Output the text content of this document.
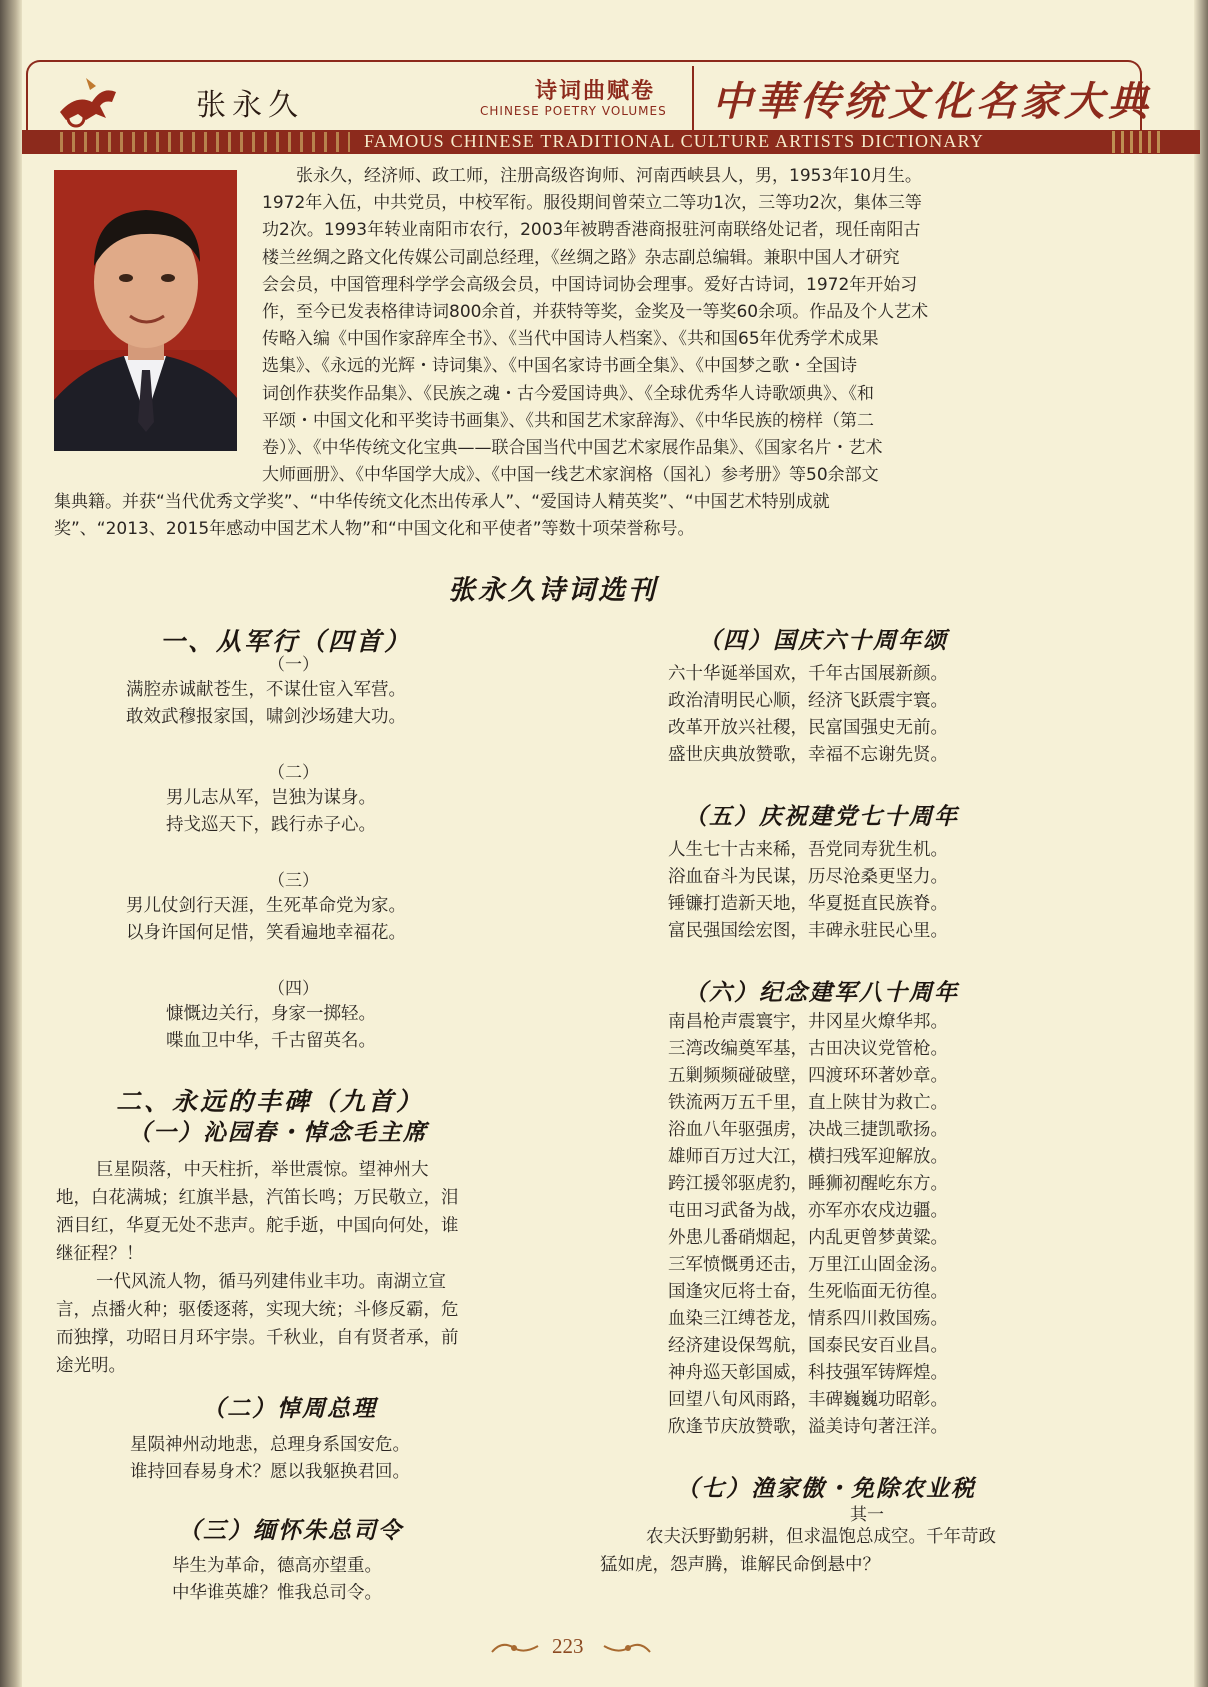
张永久	诗词曲赋卷
CHINESE POETRY VOLUMES 中華传统文化名家大典
FAMOUS CHINESE TRADITIONAL CULTURE ARTISTS DICTIONARY
张永久，经济师、政工师，注册高级咨询师、河南西峡县人，男，1953年10月生。
1972年入伍，中共党员，中校军衔。服役期间曾荣立二等功1次，三等功2次，集体三等
功2次。1993年转业南阳市农行，2003年被聘香港商报驻河南联络处记者，现任南阳古
楼兰丝绸之路文化传媒公司副总经理，《丝绸之路》杂志副总编辑。兼职中国人才研究
会会员，中国管理科学学会高级会员，中国诗词协会理事。爱好古诗词，1972年开始习
作，至今已发表格律诗词800余首，并获特等奖，金奖及一等奖60余项。作品及个人艺术
传略入编《中国作家辞库全书》、《当代中国诗人档案》、《共和国65年优秀学术成果
选集》、《永远的光辉・诗词集》、《中国名家诗书画全集》、《中国梦之歌・全国诗
词创作获奖作品集》、《民族之魂・古今爱国诗典》、《全球优秀华人诗歌颂典》、《和
平颂・中国文化和平奖诗书画集》、《共和国艺术家辞海》、《中华民族的榜样（第二
卷）》、《中华传统文化宝典——联合国当代中国艺术家展作品集》、《国家名片・艺术
大师画册》、《中华国学大成》、《中国一线艺术家润格（国礼）参考册》等50余部文
集典籍。并获“当代优秀文学奖”、“中华传统文化杰出传承人”、“爱国诗人精英奖”、“中国艺术特别成就
奖”、“2013、2015年感动中国艺术人物”和“中国文化和平使者”等数十项荣誉称号。
张永久诗词选刊
一、从军行（四首）
（一）
满腔赤诚献苍生，不谋仕宦入军营。
敢效武穆报家国，啸剑沙场建大功。
（二）
男儿志从军，岂独为谋身。
持戈巡天下，践行赤子心。
（三）
男儿仗剑行天涯，生死革命党为家。
以身许国何足惜，笑看遍地幸福花。
（四）
慷慨边关行，身家一掷轻。
喋血卫中华，千古留英名。
二、永远的丰碑（九首）
（一）沁园春・悼念毛主席
巨星陨落，中天柱折，举世震惊。望神州大
地，白花满城；红旗半悬，汽笛长鸣；万民敬立，泪
洒目红，华夏无处不悲声。舵手逝，中国向何处，谁
继征程？！
一代风流人物，循马列建伟业丰功。南湖立宣
言，点播火种；驱倭逐蒋，实现大统；斗修反霸，危
而独撑，功昭日月环宇崇。千秋业，自有贤者承，前
途光明。
（二）悼周总理
星陨神州动地悲，总理身系国安危。
谁持回春易身术？愿以我躯换君回。
（三）缅怀朱总司令
毕生为革命，德高亦望重。
中华谁英雄？惟我总司令。
（四）国庆六十周年颂
六十华诞举国欢，千年古国展新颜。
政治清明民心顺，经济飞跃震宇寰。
改革开放兴社稷，民富国强史无前。
盛世庆典放赞歌，幸福不忘谢先贤。
（五）庆祝建党七十周年
人生七十古来稀，吾党同寿犹生机。
浴血奋斗为民谋，历尽沧桑更坚力。
锤镰打造新天地，华夏挺直民族脊。
富民强国绘宏图，丰碑永驻民心里。
（六）纪念建军八十周年
南昌枪声震寰宇，井冈星火燎华邦。
三湾改编奠军基，古田决议党管枪。
五剿频频碰破壁，四渡环环著妙章。
铁流两万五千里，直上陕甘为救亡。
浴血八年驱强虏，决战三捷凯歌扬。
雄师百万过大江，横扫残军迎解放。
跨江援邻驱虎豹，睡狮初醒屹东方。
屯田习武备为战，亦军亦农戍边疆。
外患儿番硝烟起，内乱更曾梦黄粱。
三军愤慨勇还击，万里江山固金汤。
国逢灾厄将士奋，生死临面无彷徨。
血染三江缚苍龙，情系四川救国殇。
经济建设保驾航，国泰民安百业昌。
神舟巡天彰国威，科技强军铸辉煌。
回望八旬风雨路，丰碑巍巍功昭彰。
欣逢节庆放赞歌，溢美诗句著汪洋。
（七）渔家傲・免除农业税
其一
农夫沃野勤躬耕，但求温饱总成空。千年苛政
猛如虎，怨声腾，谁解民命倒悬中？
223
